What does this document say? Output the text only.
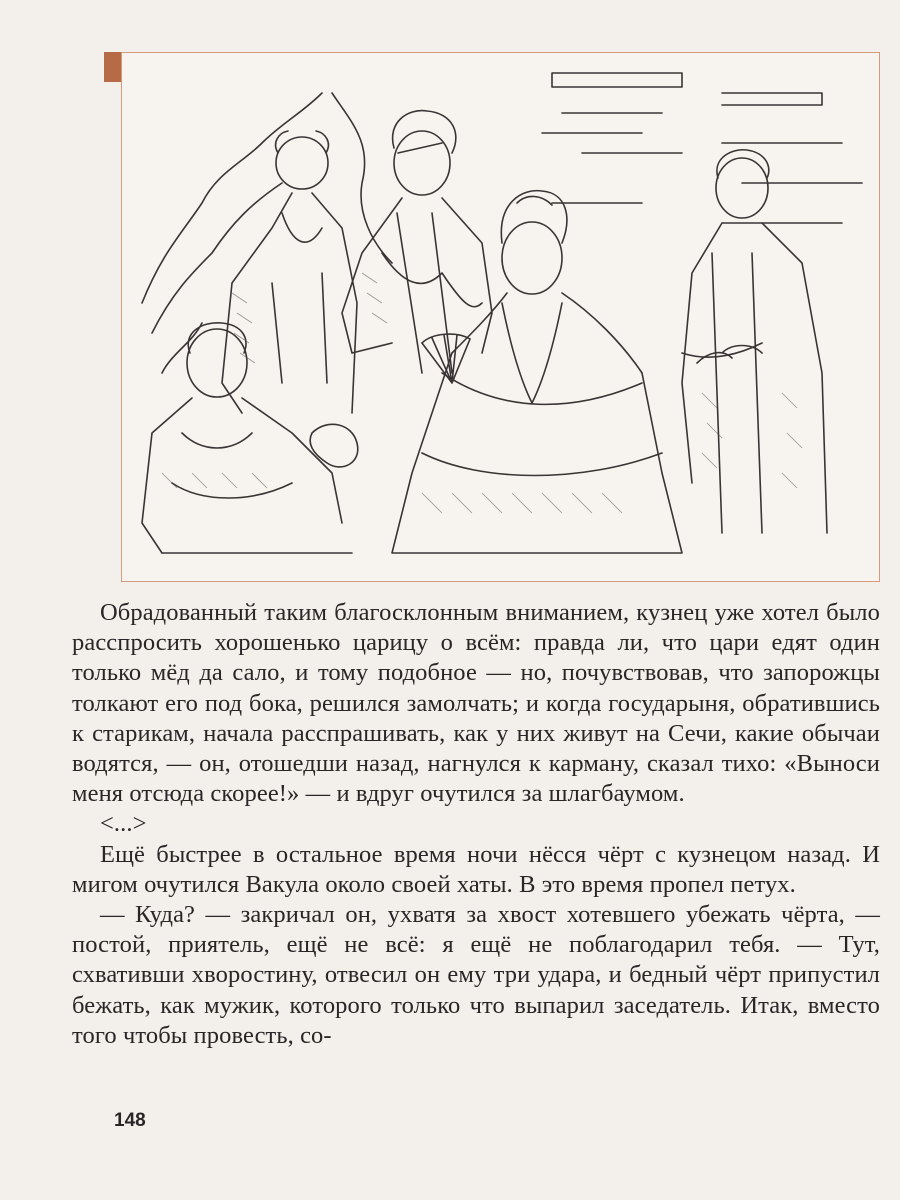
Обрадованный таким благосклонным вниманием, кузнец уже хотел было расспросить хорошенько царицу о всём: правда ли, что цари едят один только мёд да сало, и тому подобное — но, почувствовав, что запорожцы толкают его под бока, решился замолчать; и когда государыня, обратившись к старикам, начала расспрашивать, как у них живут на Сечи, какие обычаи водятся, — он, отошедши назад, нагнулся к карману, сказал тихо: «Выноси меня отсюда скорее!» — и вдруг очутился за шлагбаумом.

<...>

Ещё быстрее в остальное время ночи нёсся чёрт с кузнецом назад. И мигом очутился Вакула около своей хаты. В это время пропел петух.

— Куда? — закричал он, ухватя за хвост хотевшего убежать чёрта, — постой, приятель, ещё не всё: я ещё не поблагодарил тебя. — Тут, схвативши хворостину, отвесил он ему три удара, и бедный чёрт припустил бежать, как мужик, которого только что выпарил заседатель. Итак, вместо того чтобы провесть, со-

148
